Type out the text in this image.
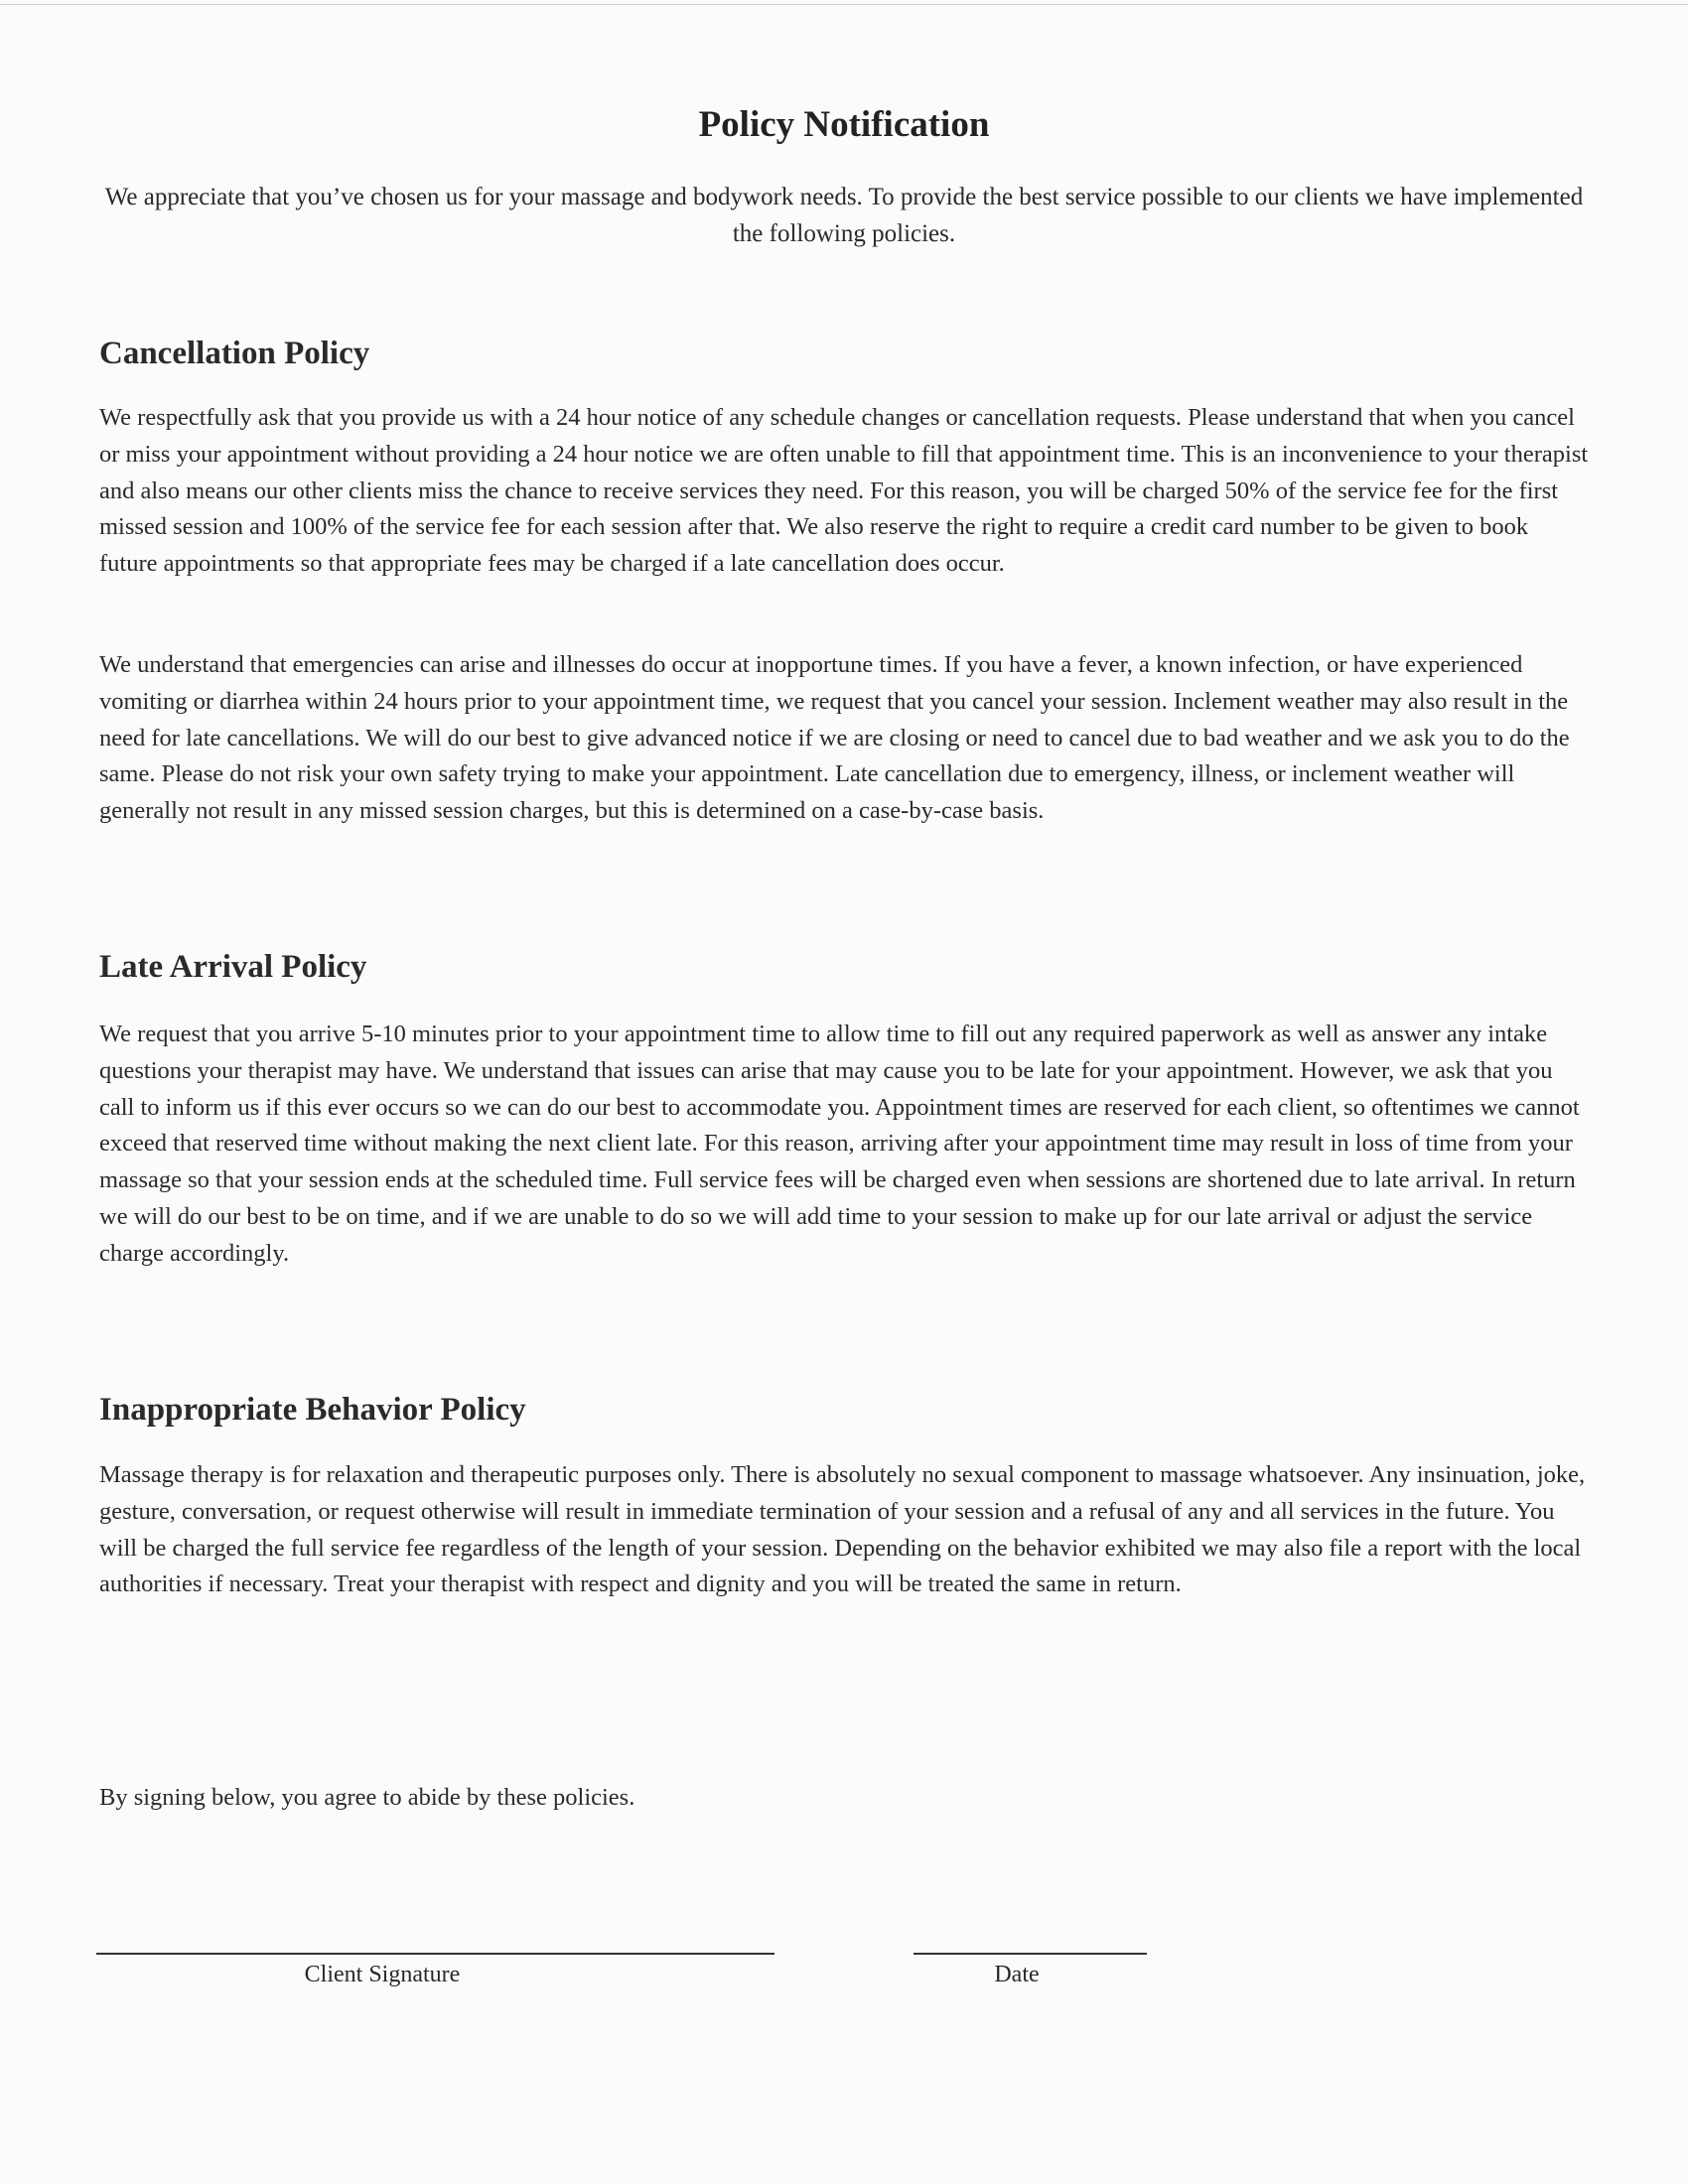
Policy Notification
We appreciate that you’ve chosen us for your massage and bodywork needs. To provide the best service possible to our clients we have implemented the following policies.
Cancellation Policy
We respectfully ask that you provide us with a 24 hour notice of any schedule changes or cancellation requests. Please understand that when you cancel or miss your appointment without providing a 24 hour notice we are often unable to fill that appointment time. This is an inconvenience to your therapist and also means our other clients miss the chance to receive services they need. For this reason, you will be charged 50% of the service fee for the first missed session and 100% of the service fee for each session after that. We also reserve the right to require a credit card number to be given to book future appointments so that appropriate fees may be charged if a late cancellation does occur.
We understand that emergencies can arise and illnesses do occur at inopportune times. If you have a fever, a known infection, or have experienced vomiting or diarrhea within 24 hours prior to your appointment time, we request that you cancel your session. Inclement weather may also result in the need for late cancellations. We will do our best to give advanced notice if we are closing or need to cancel due to bad weather and we ask you to do the same. Please do not risk your own safety trying to make your appointment. Late cancellation due to emergency, illness, or inclement weather will generally not result in any missed session charges, but this is determined on a case-by-case basis.
Late Arrival Policy
We request that you arrive 5-10 minutes prior to your appointment time to allow time to fill out any required paperwork as well as answer any intake questions your therapist may have. We understand that issues can arise that may cause you to be late for your appointment. However, we ask that you call to inform us if this ever occurs so we can do our best to accommodate you. Appointment times are reserved for each client, so oftentimes we cannot exceed that reserved time without making the next client late. For this reason, arriving after your appointment time may result in loss of time from your massage so that your session ends at the scheduled time. Full service fees will be charged even when sessions are shortened due to late arrival. In return we will do our best to be on time, and if we are unable to do so we will add time to your session to make up for our late arrival or adjust the service charge accordingly.
Inappropriate Behavior Policy
Massage therapy is for relaxation and therapeutic purposes only. There is absolutely no sexual component to massage whatsoever. Any insinuation, joke, gesture, conversation, or request otherwise will result in immediate termination of your session and a refusal of any and all services in the future. You will be charged the full service fee regardless of the length of your session. Depending on the behavior exhibited we may also file a report with the local authorities if necessary. Treat your therapist with respect and dignity and you will be treated the same in return.
By signing below, you agree to abide by these policies.
Client Signature	Date
